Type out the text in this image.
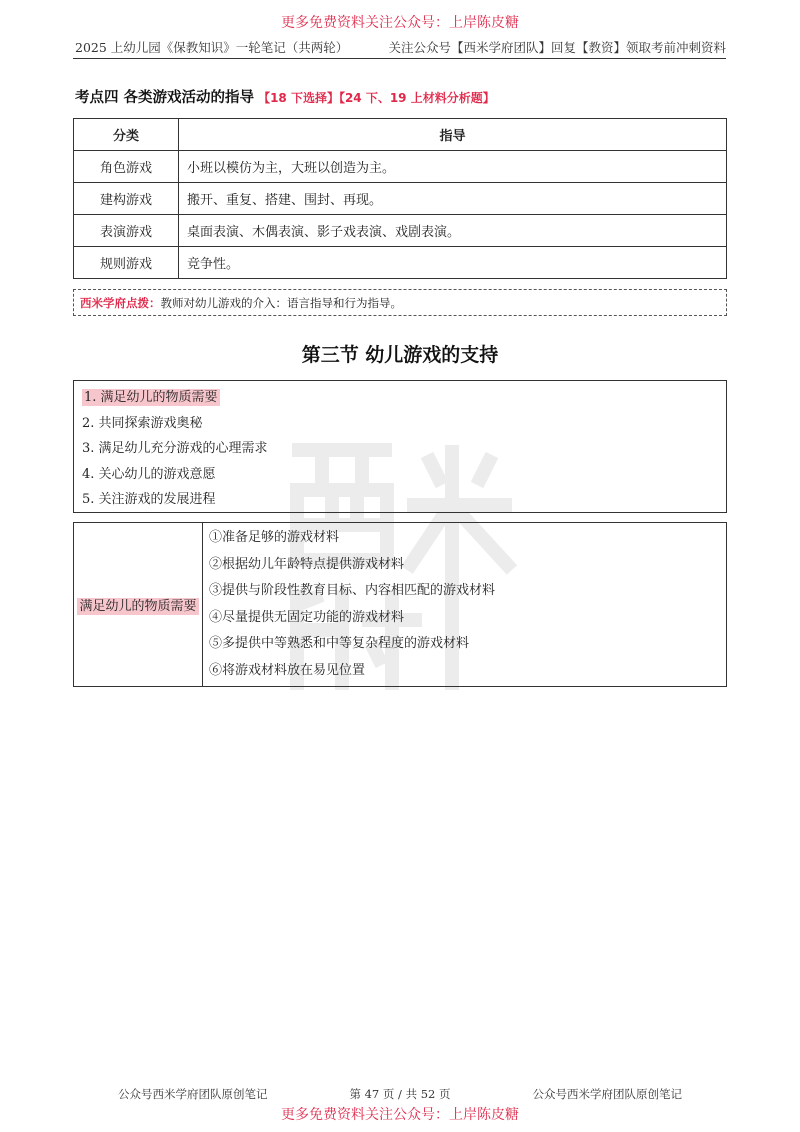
更多免费资料关注公众号：上岸陈皮糖
2025 上幼儿园《保教知识》一轮笔记（共两轮）	关注公众号【西米学府团队】回复【教资】领取考前冲刺资料
考点四 各类游戏活动的指导 【18 下选择】【24 下、19 上材料分析题】
分类	指导
角色游戏	小班以模仿为主，大班以创造为主。
建构游戏	搬开、重复、搭建、围封、再现。
表演游戏	桌面表演、木偶表演、影子戏表演、戏剧表演。
规则游戏	竞争性。
西米学府点拨：教师对幼儿游戏的介入：语言指导和行为指导。
第三节 幼儿游戏的支持
1. 满足幼儿的物质需要
2. 共同探索游戏奥秘
3. 满足幼儿充分游戏的心理需求
4. 关心幼儿的游戏意愿
5. 关注游戏的发展进程
满足幼儿的物质需要	
①准备足够的游戏材料
②根据幼儿年龄特点提供游戏材料
③提供与阶段性教育目标、内容相匹配的游戏材料
④尽量提供无固定功能的游戏材料
⑤多提供中等熟悉和中等复杂程度的游戏材料
⑥将游戏材料放在易见位置
公众号西米学府团队原创笔记	第 47 页 / 共 52 页	公众号西米学府团队原创笔记
更多免费资料关注公众号：上岸陈皮糖
